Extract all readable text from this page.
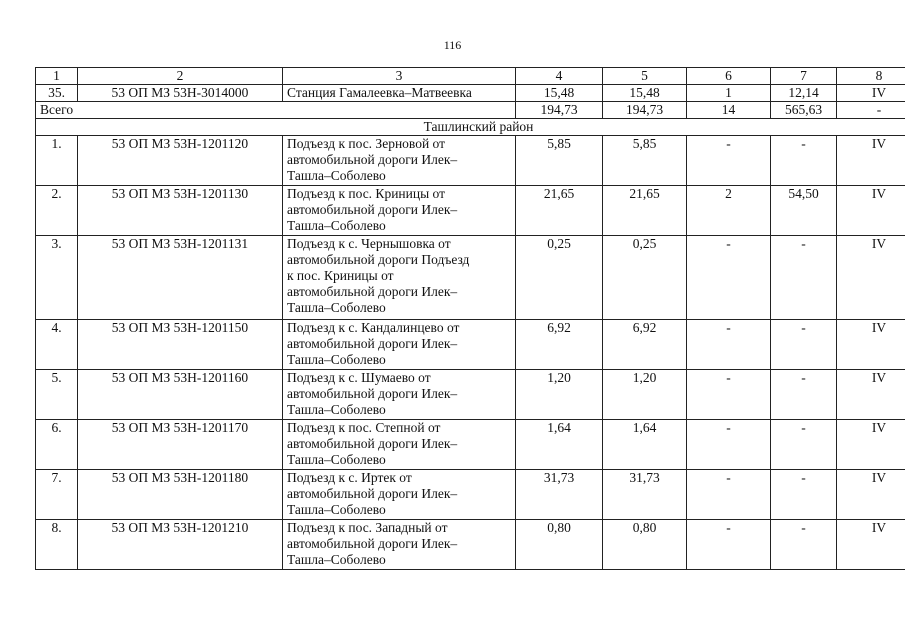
116
1	2	3	4	5	6	7	8
35.	53 ОП МЗ 53Н-3014000	Станция Гамалеевка–Матвеевка	15,48	15,48	1	12,14	IV
Всего			194,73	194,73	14	565,63	-
Ташлинский район							
1.	53 ОП МЗ 53Н-1201120	Подъезд к пос. Зерновой от
автомобильной дороги Илек–
Ташла–Соболево	5,85	5,85	-	-	IV
2.	53 ОП МЗ 53Н-1201130	Подъезд к пос. Криницы от
автомобильной дороги Илек–
Ташла–Соболево	21,65	21,65	2	54,50	IV
3.	53 ОП МЗ 53Н-1201131	Подъезд к с. Чернышовка от
автомобильной дороги Подъезд
к пос. Криницы от
автомобильной дороги Илек–
Ташла–Соболево	0,25	0,25	-	-	IV
4.	53 ОП МЗ 53Н-1201150	Подъезд к с. Кандалинцево от
автомобильной дороги Илек–
Ташла–Соболево	6,92	6,92	-	-	IV
5.	53 ОП МЗ 53Н-1201160	Подъезд к с. Шумаево от
автомобильной дороги Илек–
Ташла–Соболево	1,20	1,20	-	-	IV
6.	53 ОП МЗ 53Н-1201170	Подъезд к пос. Степной от
автомобильной дороги Илек–
Ташла–Соболево	1,64	1,64	-	-	IV
7.	53 ОП МЗ 53Н-1201180	Подъезд к с. Иртек от
автомобильной дороги Илек–
Ташла–Соболево	31,73	31,73	-	-	IV
8.	53 ОП МЗ 53Н-1201210	Подъезд к пос. Западный от
автомобильной дороги Илек–
Ташла–Соболево	0,80	0,80	-	-	IV
